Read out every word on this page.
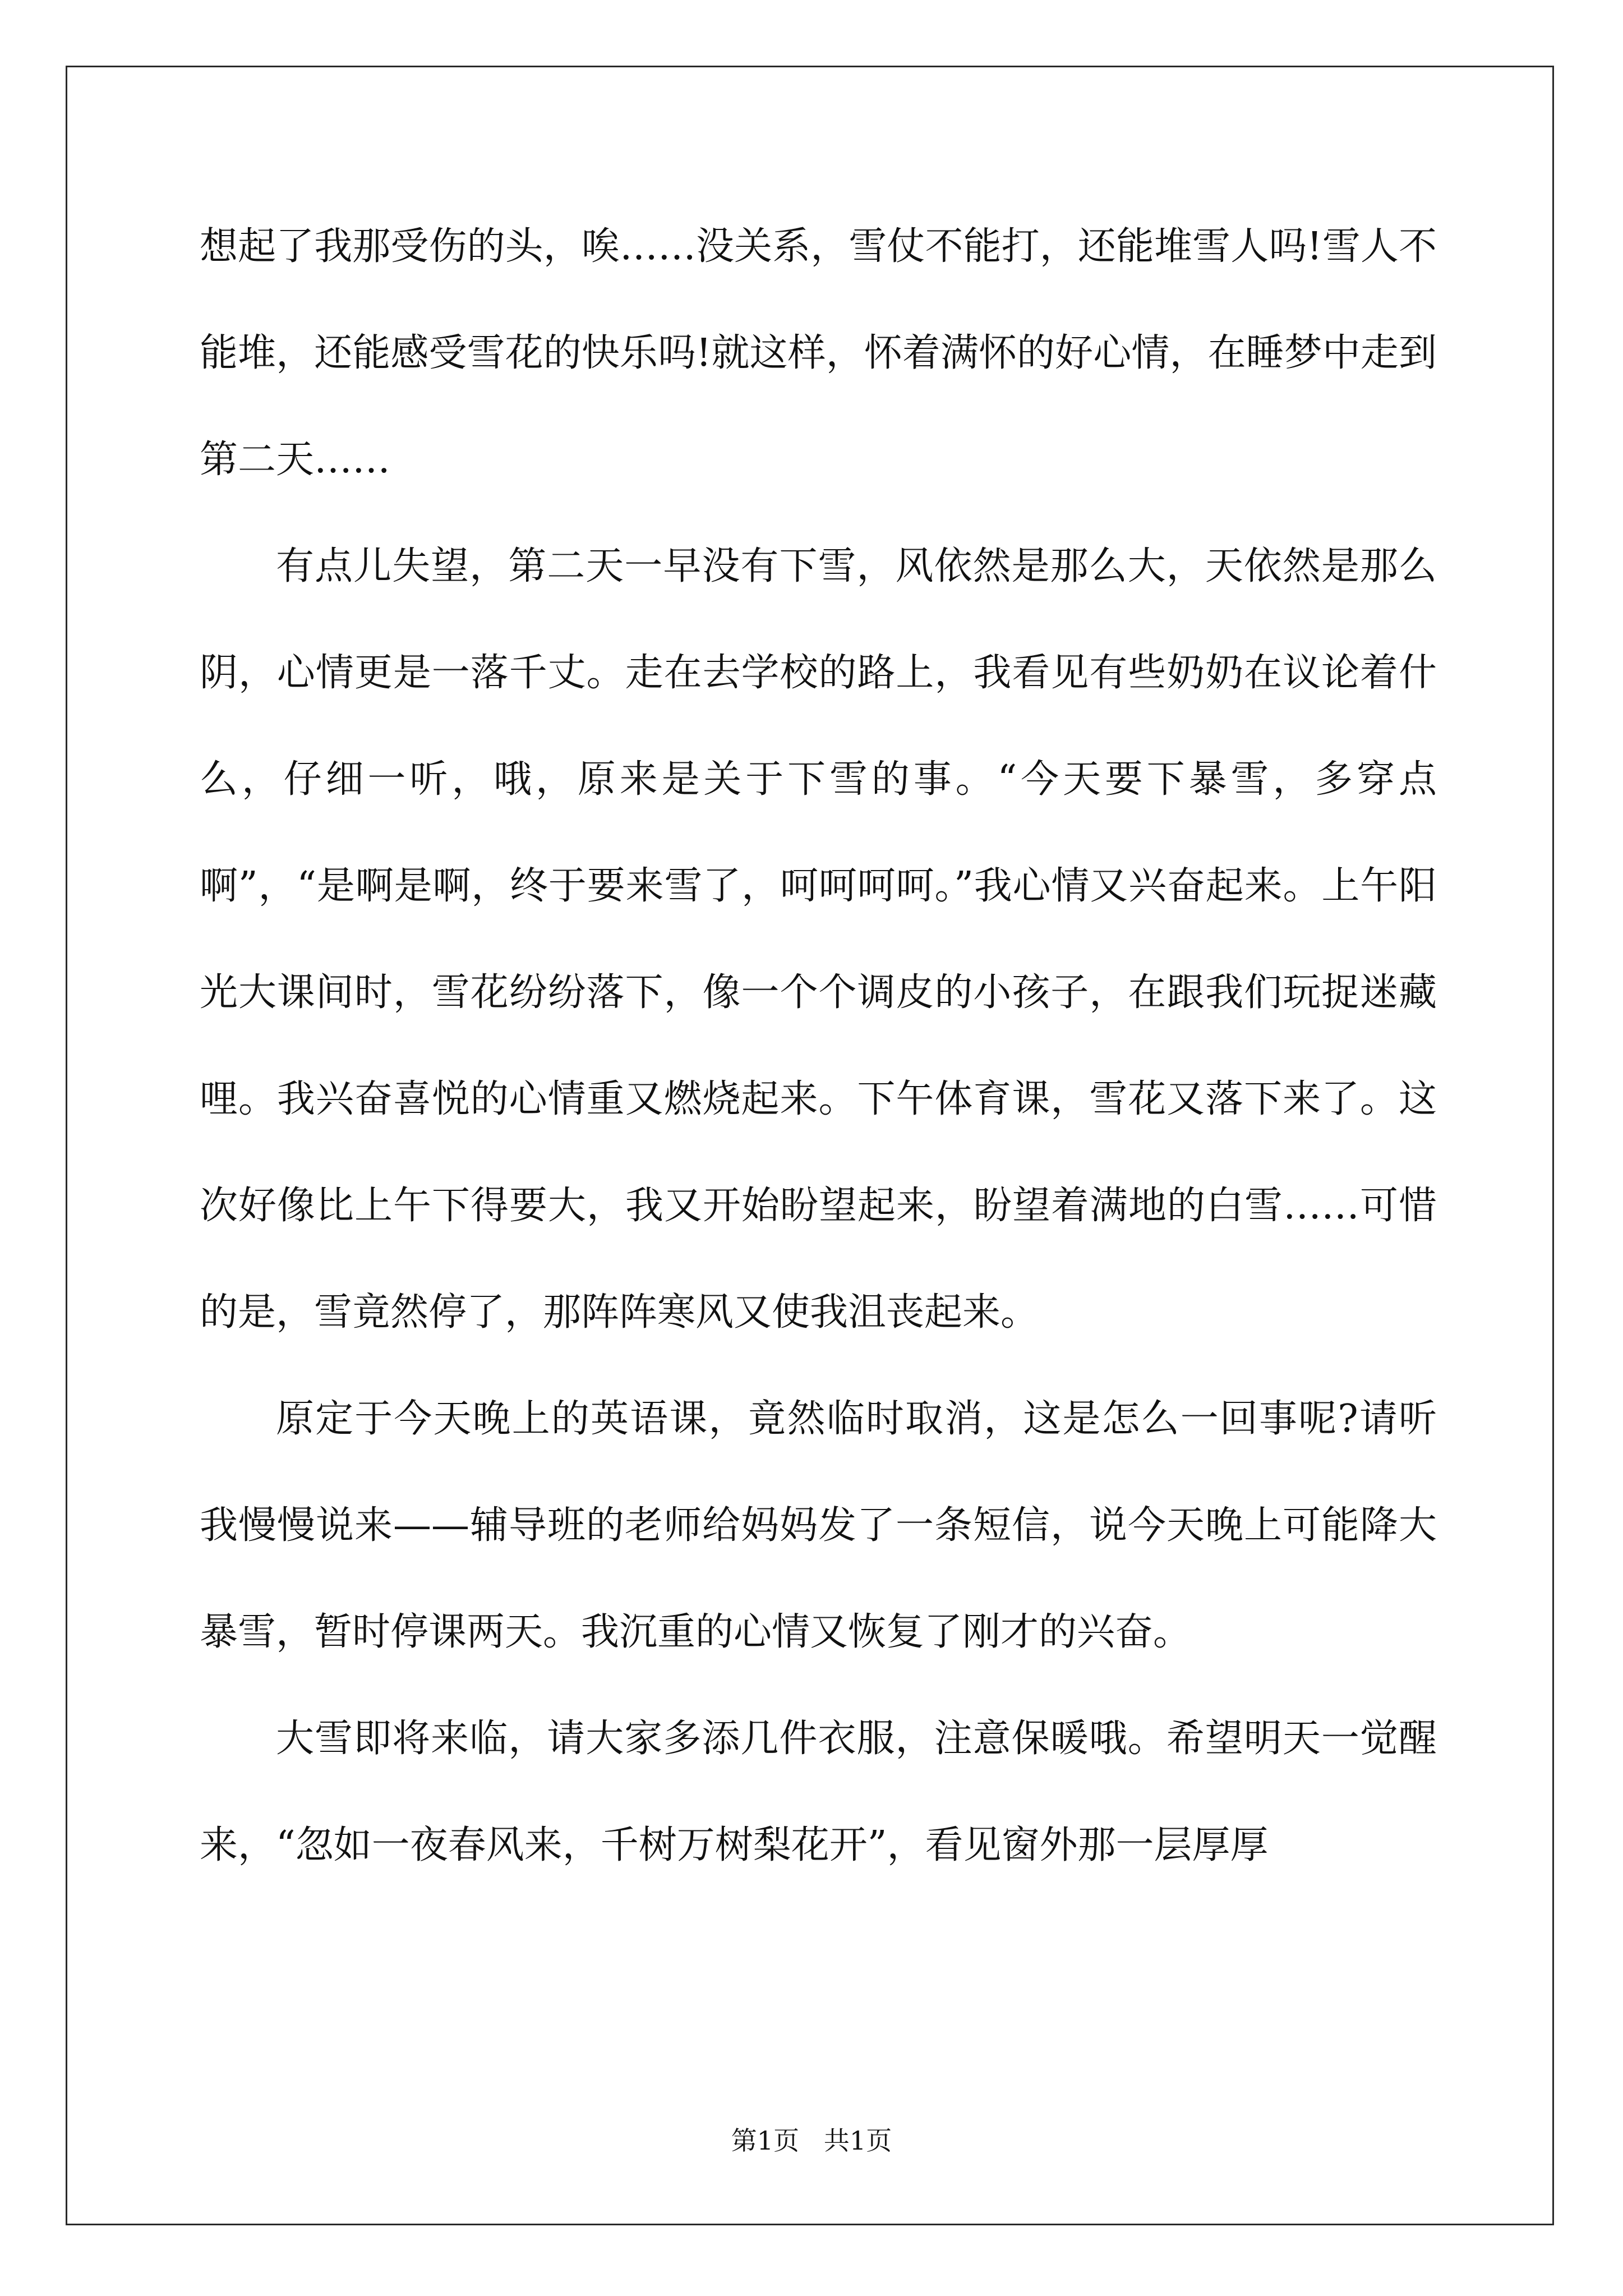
想起了我那受伤的头，唉……没关系，雪仗不能打，还能堆雪人吗!雪人不能堆，还能感受雪花的快乐吗!就这样，怀着满怀的好心情，在睡梦中走到第二天……

有点儿失望，第二天一早没有下雪，风依然是那么大，天依然是那么阴，心情更是一落千丈。走在去学校的路上，我看见有些奶奶在议论着什么，仔细一听，哦，原来是关于下雪的事。“今天要下暴雪，多穿点啊”，“是啊是啊，终于要来雪了，呵呵呵呵。”我心情又兴奋起来。上午阳光大课间时，雪花纷纷落下，像一个个调皮的小孩子，在跟我们玩捉迷藏哩。我兴奋喜悦的心情重又燃烧起来。下午体育课，雪花又落下来了。这次好像比上午下得要大，我又开始盼望起来，盼望着满地的白雪……可惜的是，雪竟然停了，那阵阵寒风又使我沮丧起来。

原定于今天晚上的英语课，竟然临时取消，这是怎么一回事呢?请听我慢慢说来——辅导班的老师给妈妈发了一条短信，说今天晚上可能降大暴雪，暂时停课两天。我沉重的心情又恢复了刚才的兴奋。

大雪即将来临，请大家多添几件衣服，注意保暖哦。希望明天一觉醒来，“忽如一夜春风来，千树万树梨花开”，看见窗外那一层厚厚

第1页   共1页
